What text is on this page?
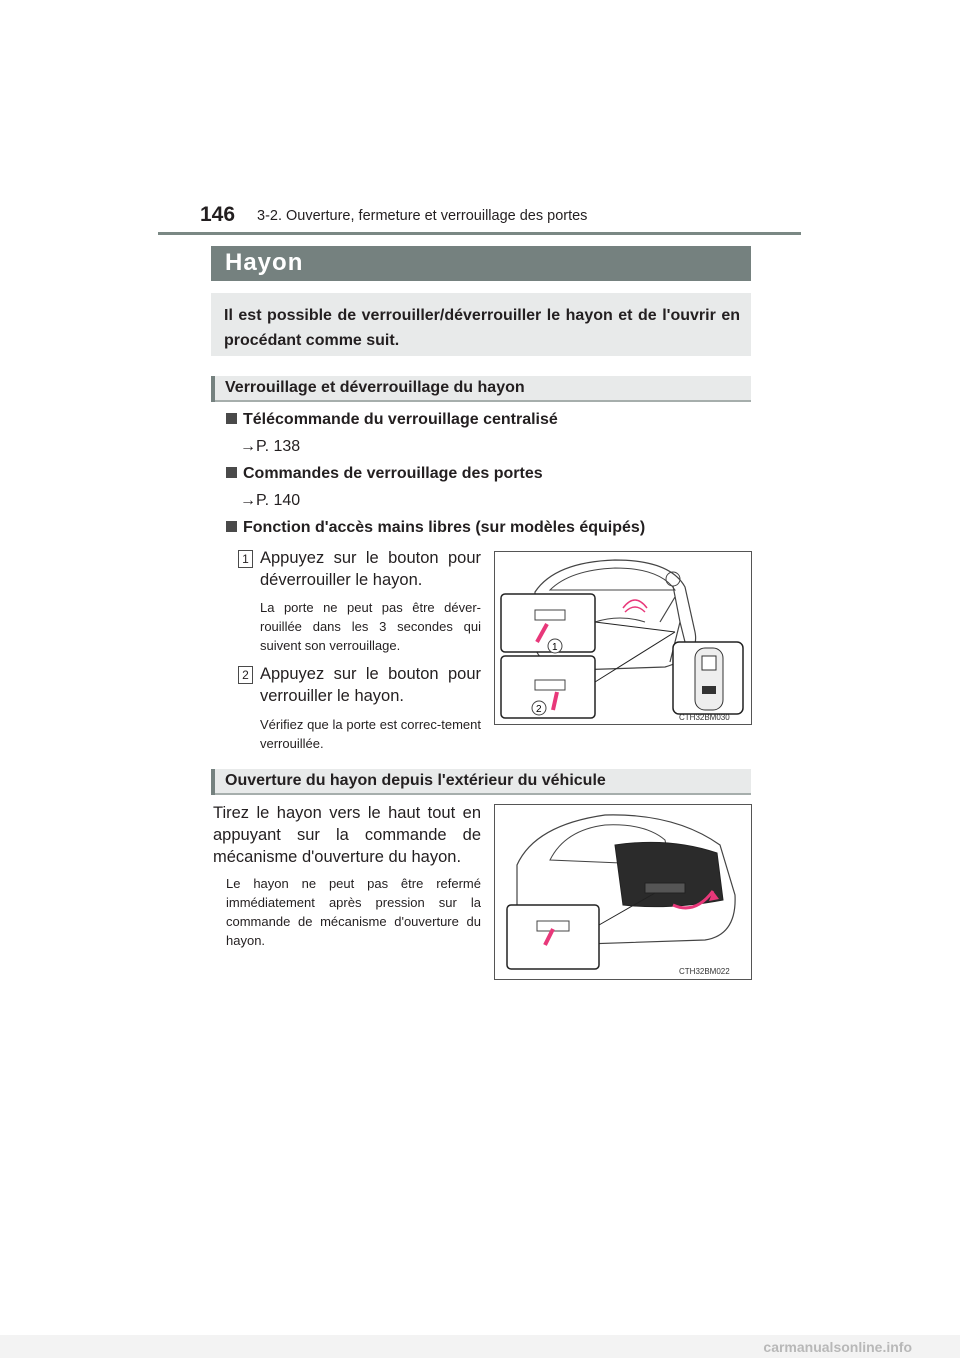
146 3-2. Ouverture, fermeture et verrouillage des portes
Hayon
Il est possible de verrouiller/déverrouiller le hayon et de l'ouvrir en procédant comme suit.
Verrouillage et déverrouillage du hayon
Télécommande du verrouillage centralisé
→P. 138
Commandes de verrouillage des portes
→P. 140
Fonction d'accès mains libres (sur modèles équipés)
1 Appuyez sur le bouton pour déverrouiller le hayon.
La porte ne peut pas être déver-rouillée dans les 3 secondes qui suivent son verrouillage.
2 Appuyez sur le bouton pour verrouiller le hayon.
Vérifiez que la porte est correc-tement verrouillée.
1
2
CTH32BM030
Ouverture du hayon depuis l'extérieur du véhicule
Tirez le hayon vers le haut tout en appuyant sur la commande de mécanisme d'ouverture du hayon.
Le hayon ne peut pas être refermé immédiatement après pression sur la commande de mécanisme d'ouverture du hayon.
CTH32BM022
carmanualsonline.info
